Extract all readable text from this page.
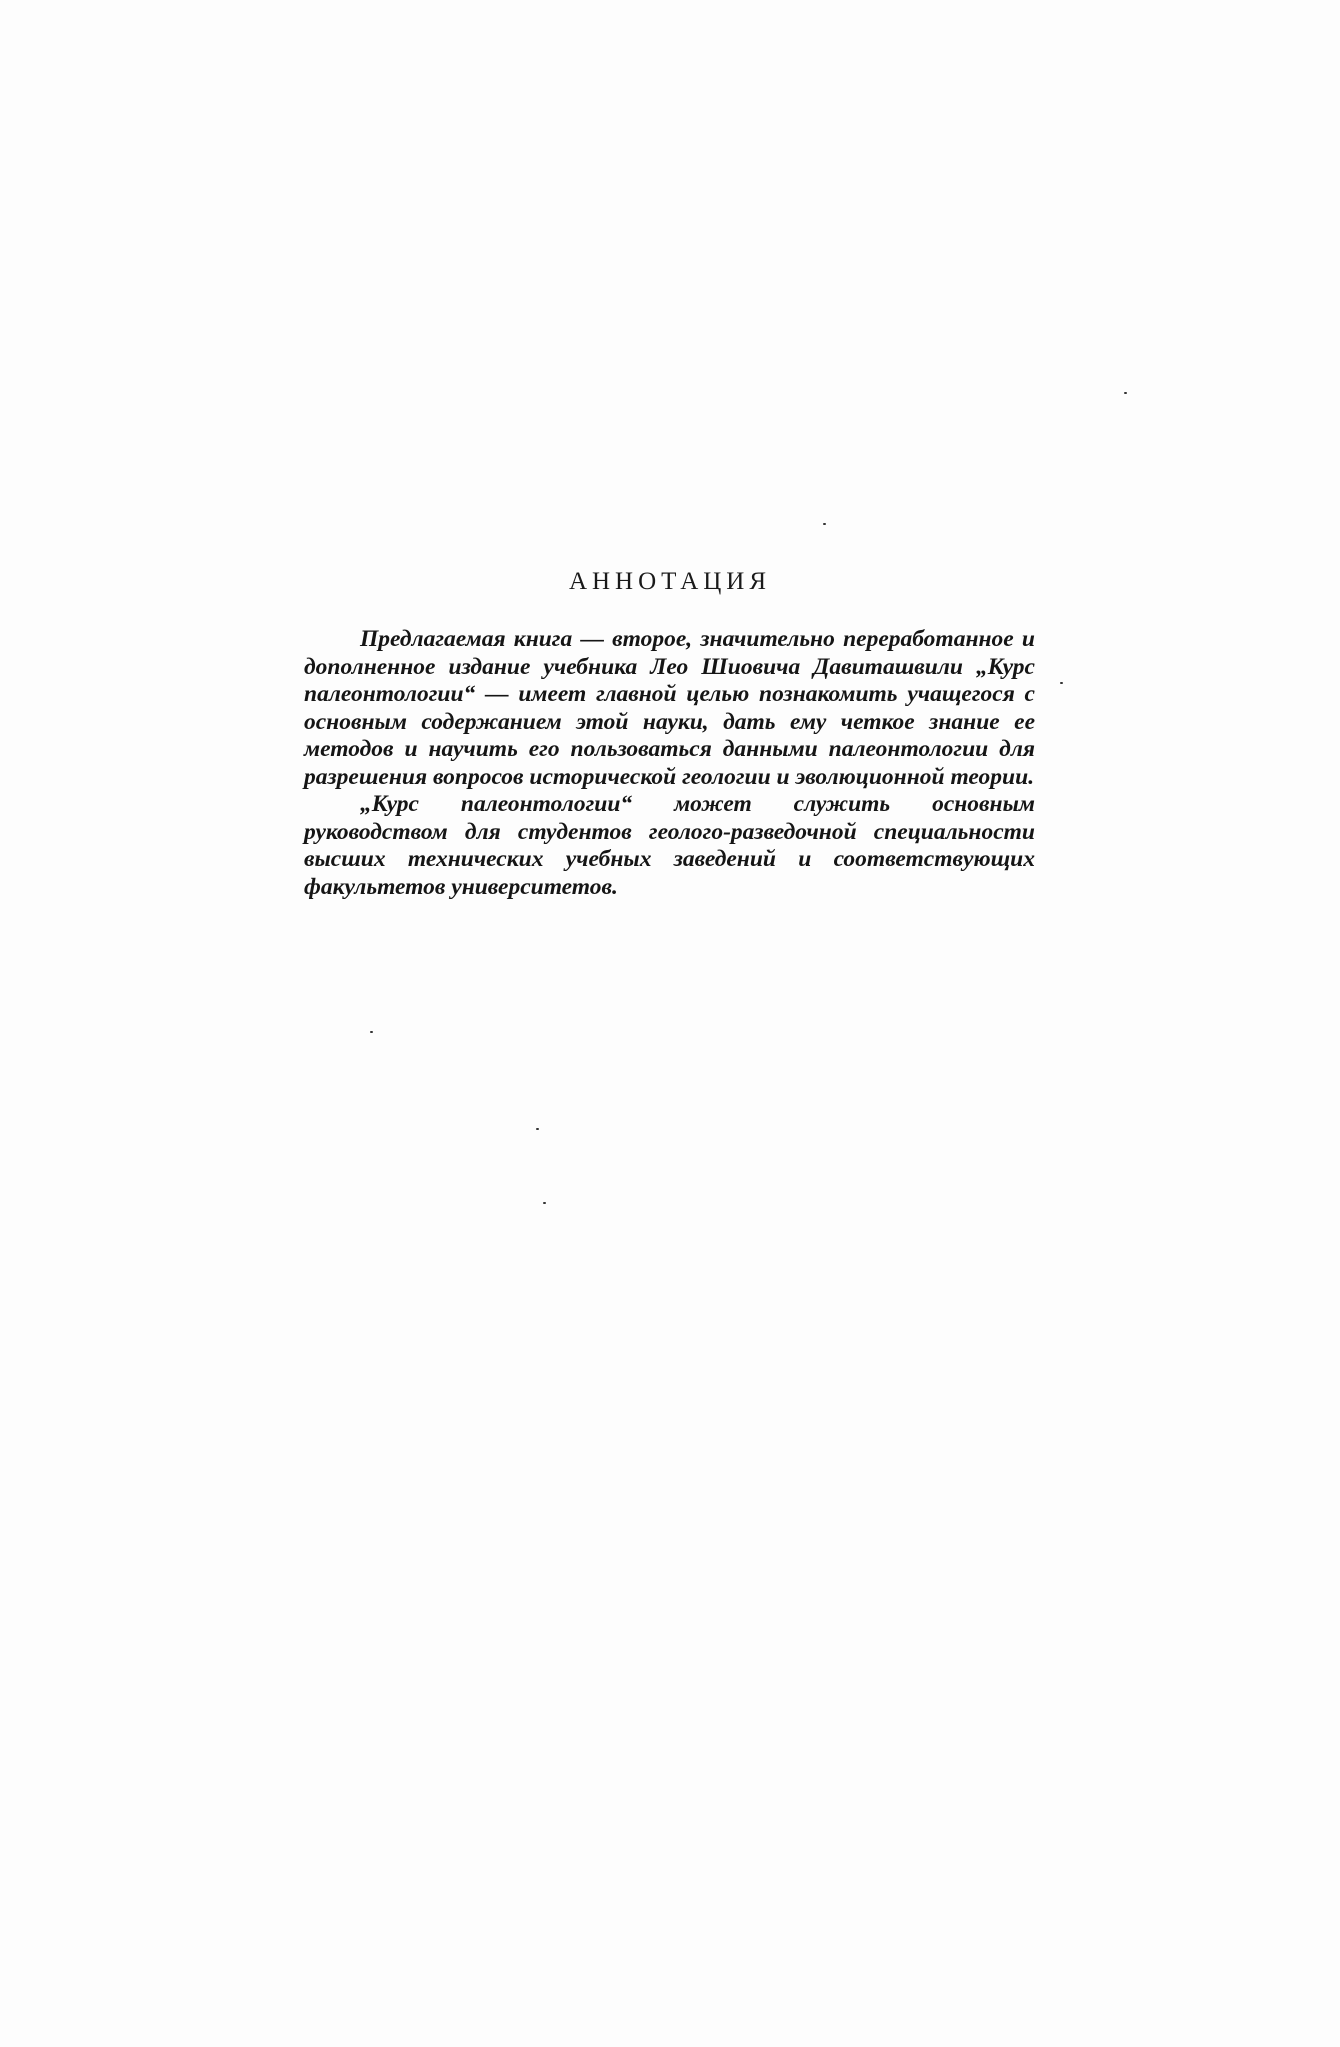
АННОТАЦИЯ

Предлагаемая книга — второе, значительно переработанное и дополненное издание учебника Лео Шиовича Давиташвили „Курс палеонтологии“ — имеет главной целью познакомить учащегося с основным содержанием этой науки, дать ему четкое знание ее методов и научить его пользоваться данными палеонтологии для разрешения вопросов исторической геологии и эволюционной теории.

„Курс палеонтологии“ может служить основным руководством для студентов геолого-разведочной специальности высших технических учебных заведений и соответствующих факультетов университетов.
